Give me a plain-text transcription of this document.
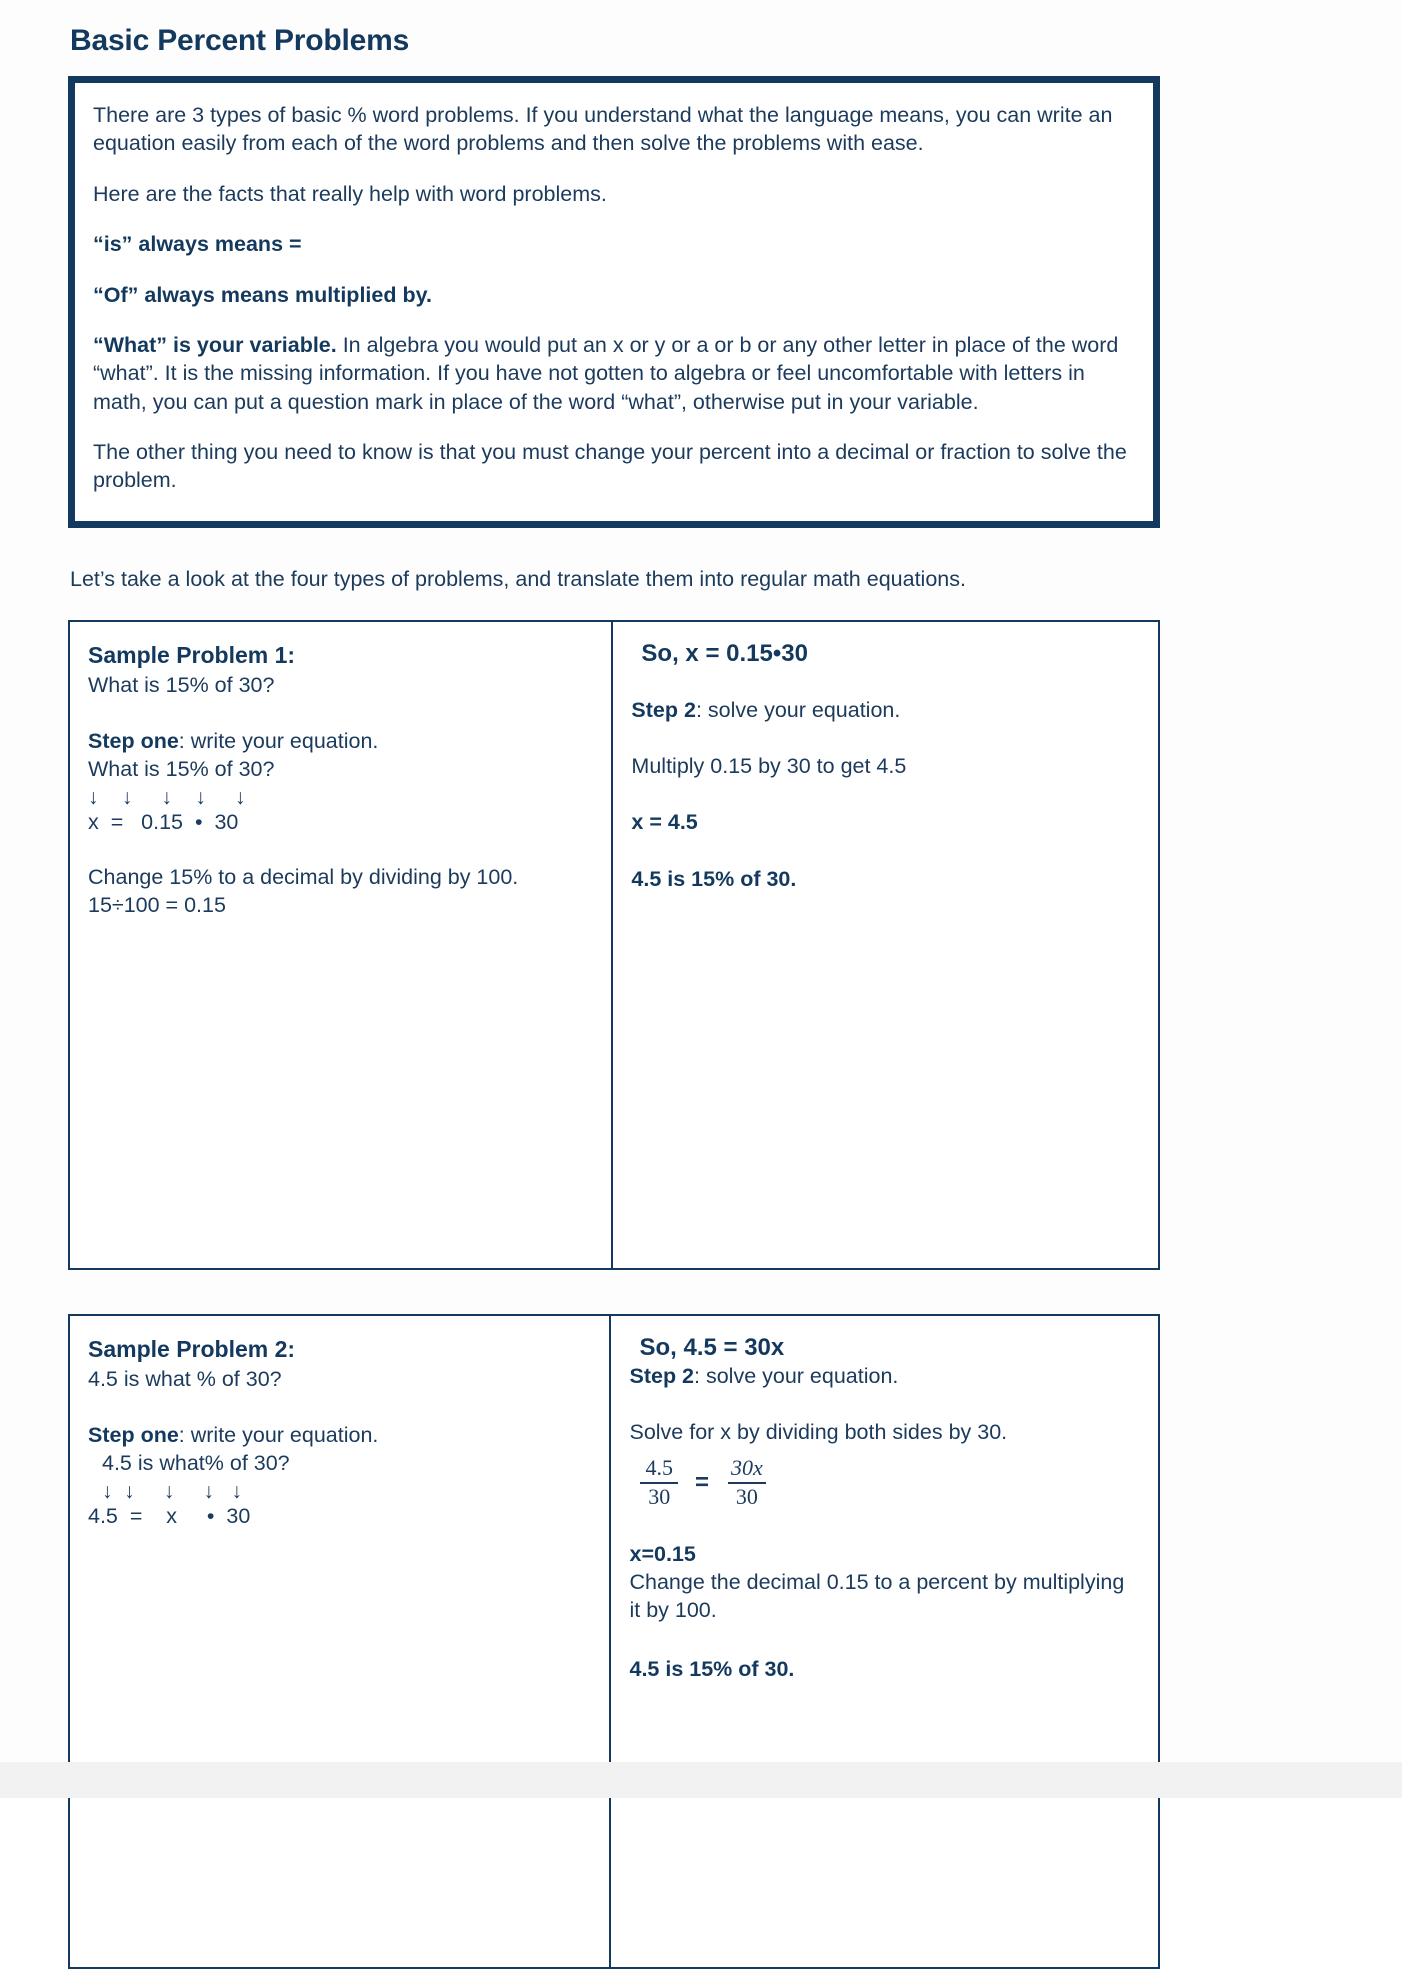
Basic Percent Problems

There are 3 types of basic % word problems. If you understand what the language means, you can write an equation easily from each of the word problems and then solve the problems with ease.

Here are the facts that really help with word problems.

“is” always means =

“Of” always means multiplied by.

“What” is your variable. In algebra you would put an x or y or a or b or any other letter in place of the word “what”. It is the missing information. If you have not gotten to algebra or feel uncomfortable with letters in math, you can put a question mark in place of the word “what”, otherwise put in your variable.

The other thing you need to know is that you must change your percent into a decimal or fraction to solve the problem.

Let’s take a look at the four types of problems, and translate them into regular math equations.
Sample Problem 1:

What is 15% of 30?

Step one: write your equation.

What is 15% of 30?

↓    ↓     ↓    ↓     ↓

x  =   0.15  •  30

Change 15% to a decimal by dividing by 100.

15÷100 = 0.15

So, x = 0.15•30

Step 2: solve your equation.

Multiply 0.15 by 30 to get 4.5

x = 4.5

4.5 is 15% of 30.

Sample Problem 2:

4.5 is what % of 30?

Step one: write your equation.

4.5 is what% of 30?

↓  ↓     ↓     ↓   ↓

4.5  =    x     •  30

So, 4.5 = 30x

Step 2: solve your equation.

Solve for x by dividing both sides by 30.

$\frac{4.5}{30} = \frac{30x}{30}$

x=0.15

Change the decimal 0.15 to a percent by multiplying it by 100.

4.5 is 15% of 30.
